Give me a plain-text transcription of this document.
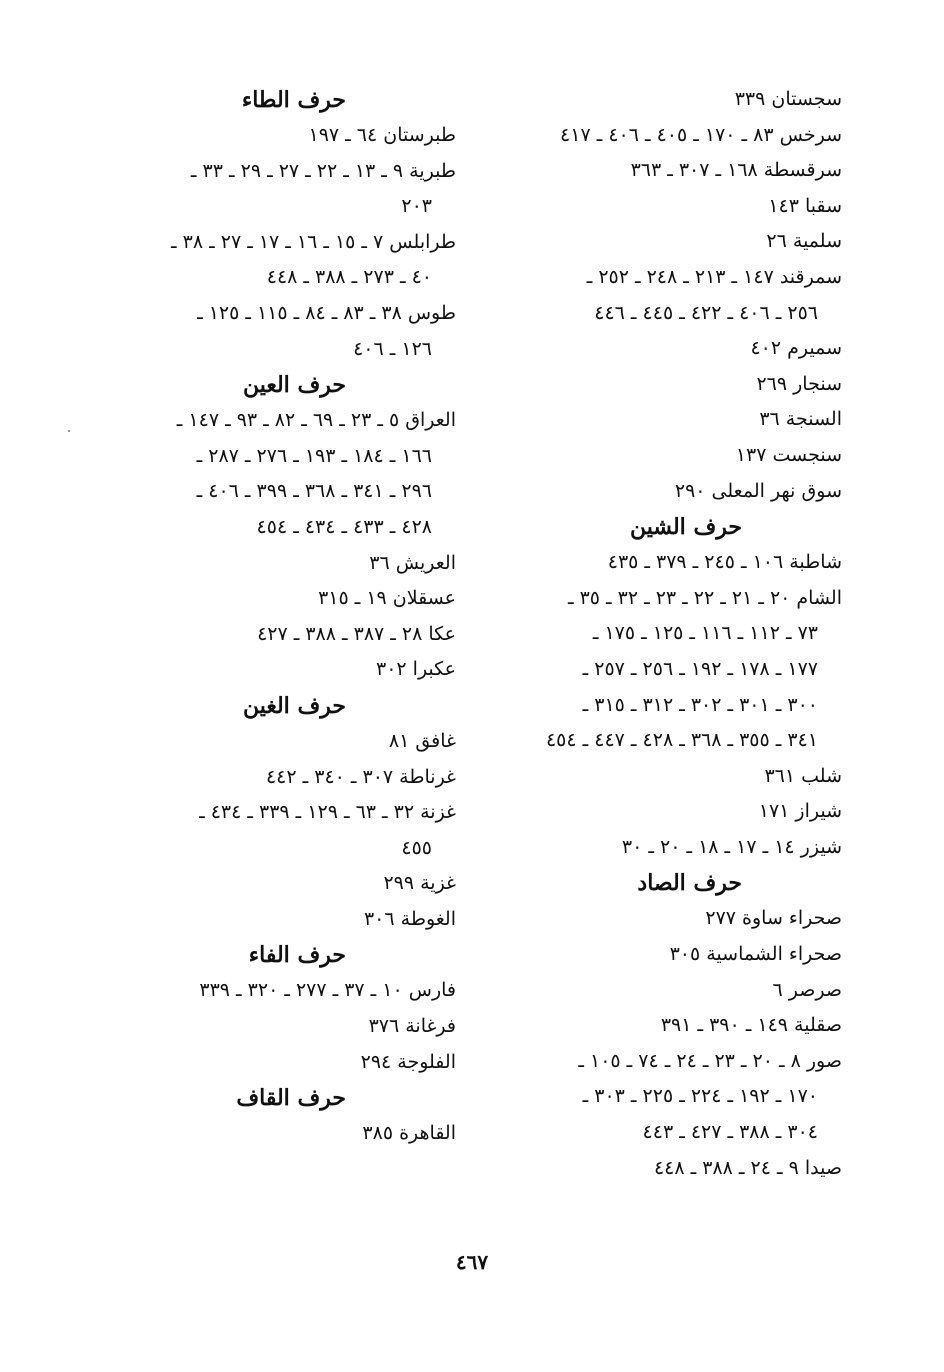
سجستان ٣٣٩
سرخس ٨٣ ـ ١٧٠ ـ ٤٠٥ ـ ٤٠٦ ـ ٤١٧
سرقسطة ١٦٨ ـ ٣٠٧ ـ ٣٦٣
سقبا ١٤٣
سلمية ٢٦
سمرقند ١٤٧ ـ ٢١٣ ـ ٢٤٨ ـ ٢٥٢ ـ
٢٥٦ ـ ٤٠٦ ـ ٤٢٢ ـ ٤٤٥ ـ ٤٤٦
سميرم ٤٠٢
سنجار ٢٦٩
السنجة ٣٦
سنجست ١٣٧
سوق نهر المعلى ٢٩٠
حرف الشين
شاطبة ١٠٦ ـ ٢٤٥ ـ ٣٧٩ ـ ٤٣٥
الشام ٢٠ ـ ٢١ ـ ٢٢ ـ ٢٣ ـ ٣٢ ـ ٣٥ ـ
٧٣ ـ ١١٢ ـ ١١٦ ـ ١٢٥ ـ ١٧٥ ـ
١٧٧ ـ ١٧٨ ـ ١٩٢ ـ ٢٥٦ ـ ٢٥٧ ـ
٣٠٠ ـ ٣٠١ ـ ٣٠٢ ـ ٣١٢ ـ ٣١٥ ـ
٣٤١ ـ ٣٥٥ ـ ٣٦٨ ـ ٤٢٨ ـ ٤٤٧ ـ ٤٥٤
شلب ٣٦١
شيراز ١٧١
شيزر ١٤ ـ ١٧ ـ ١٨ ـ ٢٠ ـ ٣٠
حرف الصاد
صحراء ساوة ٢٧٧
صحراء الشماسية ٣٠٥
صرصر ٦
صقلية ١٤٩ ـ ٣٩٠ ـ ٣٩١
صور ٨ ـ ٢٠ ـ ٢٣ ـ ٢٤ ـ ٧٤ ـ ١٠٥ ـ
١٧٠ ـ ١٩٢ ـ ٢٢٤ ـ ٢٢٥ ـ ٣٠٣ ـ
٣٠٤ ـ ٣٨٨ ـ ٤٢٧ ـ ٤٤٣
صيدا ٩ ـ ٢٤ ـ ٣٨٨ ـ ٤٤٨
حرف الطاء
طبرستان ٦٤ ـ ١٩٧
طبرية ٩ ـ ١٣ ـ ٢٢ ـ ٢٧ ـ ٢٩ ـ ٣٣ ـ
٢٠٣
طرابلس ٧ ـ ١٥ ـ ١٦ ـ ١٧ ـ ٢٧ ـ ٣٨ ـ
٤٠ ـ ٢٧٣ ـ ٣٨٨ ـ ٤٤٨
طوس ٣٨ ـ ٨٣ ـ ٨٤ ـ ١١٥ ـ ١٢٥ ـ
١٢٦ ـ ٤٠٦
حرف العين
العراق ٥ ـ ٢٣ ـ ٦٩ ـ ٨٢ ـ ٩٣ ـ ١٤٧ ـ
١٦٦ ـ ١٨٤ ـ ١٩٣ ـ ٢٧٦ ـ ٢٨٧ ـ
٢٩٦ ـ ٣٤١ ـ ٣٦٨ ـ ٣٩٩ ـ ٤٠٦ ـ
٤٢٨ ـ ٤٣٣ ـ ٤٣٤ ـ ٤٥٤
العريش ٣٦
عسقلان ١٩ ـ ٣١٥
عكا ٢٨ ـ ٣٨٧ ـ ٣٨٨ ـ ٤٢٧
عكبرا ٣٠٢
حرف الغين
غافق ٨١
غرناطة ٣٠٧ ـ ٣٤٠ ـ ٤٤٢
غزنة ٣٢ ـ ٦٣ ـ ١٢٩ ـ ٣٣٩ ـ ٤٣٤ ـ
٤٥٥
غزية ٢٩٩
الغوطة ٣٠٦
حرف الفاء
فارس ١٠ ـ ٣٧ ـ ٢٧٧ ـ ٣٢٠ ـ ٣٣٩
فرغانة ٣٧٦
الفلوجة ٢٩٤
حرف القاف
القاهرة ٣٨٥
٤٦٧
